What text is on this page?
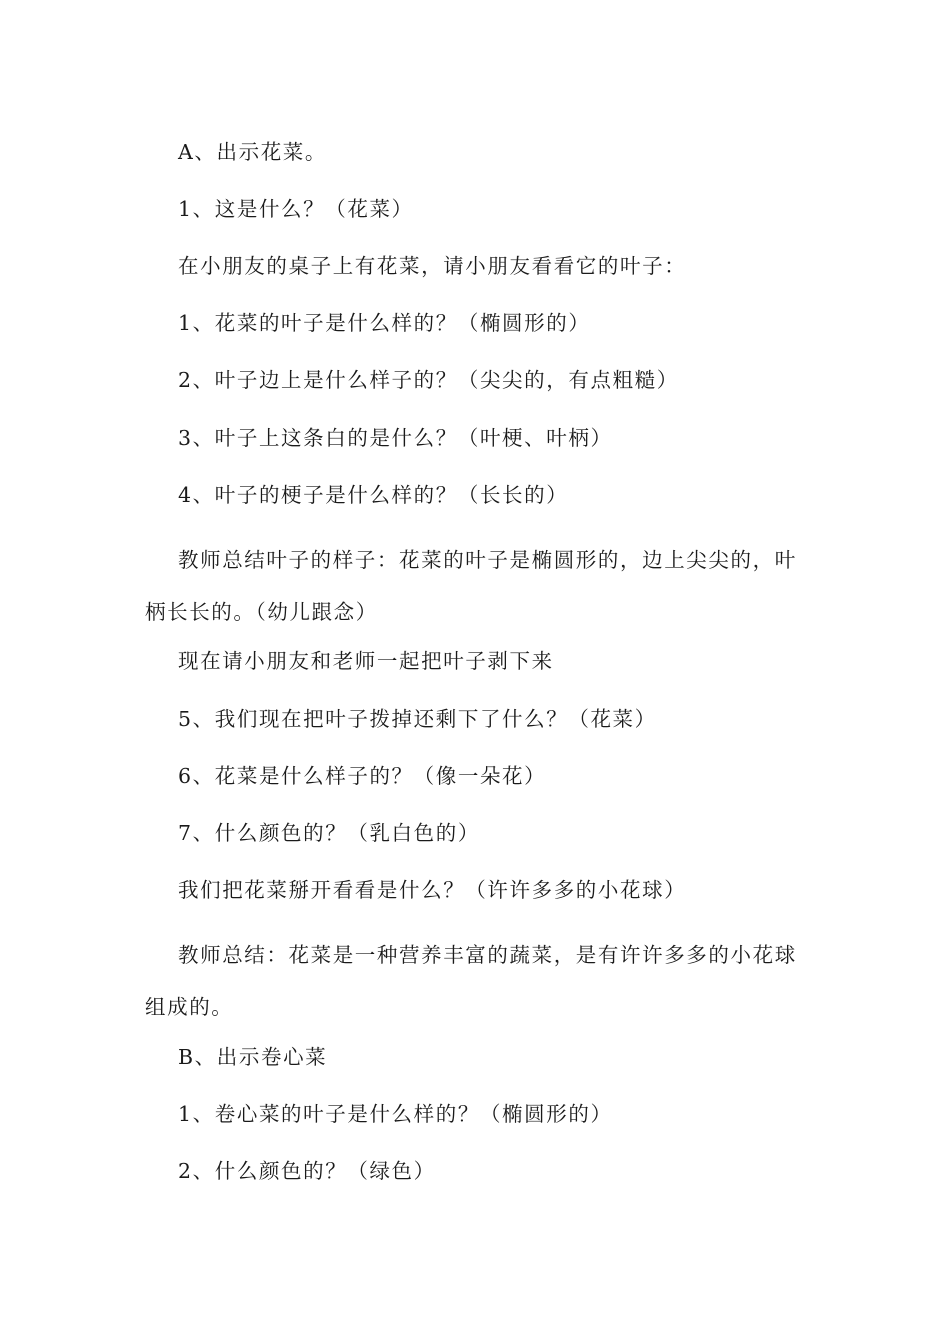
A、出示花菜。

1、这是什么？（花菜）

在小朋友的桌子上有花菜，请小朋友看看它的叶子：

1、花菜的叶子是什么样的？（椭圆形的）

2、叶子边上是什么样子的？（尖尖的，有点粗糙）

3、叶子上这条白的是什么？（叶梗、叶柄）

4、叶子的梗子是什么样的？（长长的）

教师总结叶子的样子：花菜的叶子是椭圆形的，边上尖尖的，叶柄长长的。（幼儿跟念）

现在请小朋友和老师一起把叶子剥下来

5、我们现在把叶子拨掉还剩下了什么？（花菜）

6、花菜是什么样子的？（像一朵花）

7、什么颜色的？（乳白色的）

我们把花菜掰开看看是什么？（许许多多的小花球）

教师总结：花菜是一种营养丰富的蔬菜，是有许许多多的小花球组成的。

B、出示卷心菜

1、卷心菜的叶子是什么样的？（椭圆形的）

2、什么颜色的？（绿色）
